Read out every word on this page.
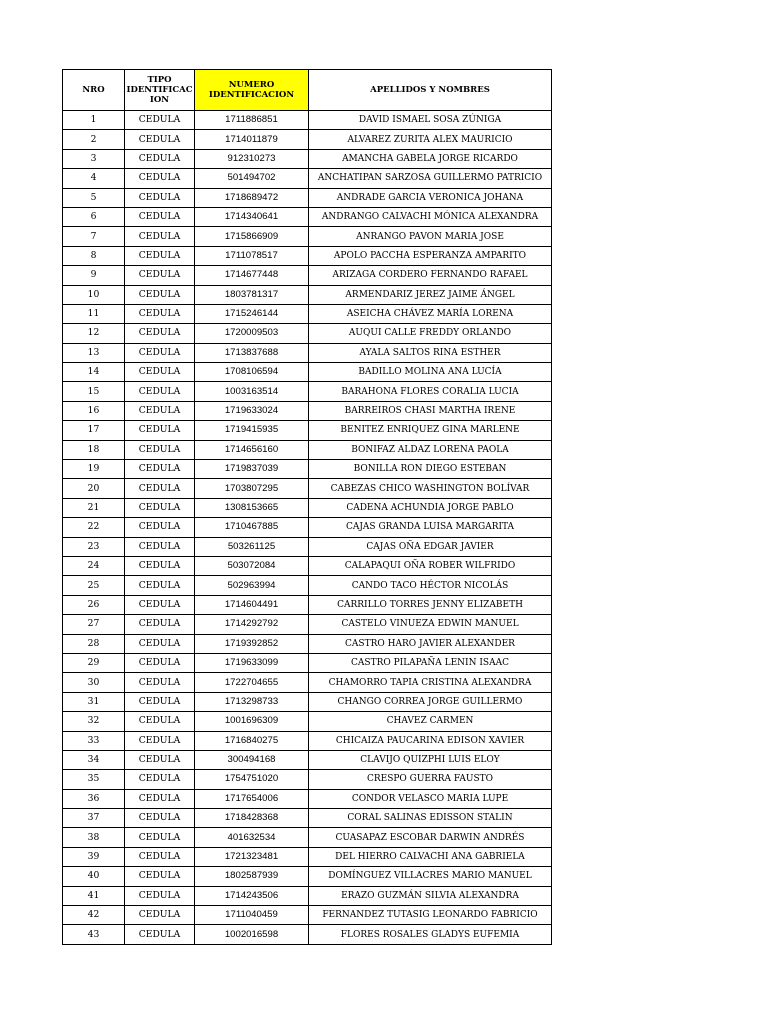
NRO	TIPO IDENTIFICAC ION	NUMERO IDENTIFICACION	APELLIDOS Y NOMBRES
1	CEDULA	1711886851	DAVID ISMAEL SOSA ZÚNIGA
2	CEDULA	1714011879	ALVAREZ ZURITA ALEX MAURICIO
3	CEDULA	912310273	AMANCHA GABELA JORGE RICARDO
4	CEDULA	501494702	ANCHATIPAN SARZOSA GUILLERMO PATRICIO
5	CEDULA	1718689472	ANDRADE GARCIA VERONICA JOHANA
6	CEDULA	1714340641	ANDRANGO CALVACHI MÓNICA ALEXANDRA
7	CEDULA	1715866909	ANRANGO PAVON MARIA JOSE
8	CEDULA	1711078517	APOLO PACCHA ESPERANZA AMPARITO
9	CEDULA	1714677448	ARIZAGA CORDERO FERNANDO RAFAEL
10	CEDULA	1803781317	ARMENDARIZ JEREZ JAIME ÁNGEL
11	CEDULA	1715246144	ASEICHA CHÁVEZ MARÍA LORENA
12	CEDULA	1720009503	AUQUI CALLE FREDDY ORLANDO
13	CEDULA	1713837688	AYALA SALTOS RINA ESTHER
14	CEDULA	1708106594	BADILLO MOLINA ANA LUCÍA
15	CEDULA	1003163514	BARAHONA FLORES CORALIA LUCIA
16	CEDULA	1719633024	BARREIROS CHASI MARTHA IRENE
17	CEDULA	1719415935	BENITEZ ENRIQUEZ GINA MARLENE
18	CEDULA	1714656160	BONIFAZ ALDAZ LORENA PAOLA
19	CEDULA	1719837039	BONILLA RON DIEGO ESTEBAN
20	CEDULA	1703807295	CABEZAS CHICO WASHINGTON BOLÍVAR
21	CEDULA	1308153665	CADENA ACHUNDIA JORGE PABLO
22	CEDULA	1710467885	CAJAS GRANDA LUISA MARGARITA
23	CEDULA	503261125	CAJAS OÑA EDGAR JAVIER
24	CEDULA	503072084	CALAPAQUI OÑA ROBER WILFRIDO
25	CEDULA	502963994	CANDO TACO HÉCTOR NICOLÁS
26	CEDULA	1714604491	CARRILLO TORRES JENNY ELIZABETH
27	CEDULA	1714292792	CASTELO VINUEZA EDWIN MANUEL
28	CEDULA	1719392852	CASTRO HARO JAVIER ALEXANDER
29	CEDULA	1719633099	CASTRO PILAPAÑA LENIN ISAAC
30	CEDULA	1722704655	CHAMORRO TAPIA CRISTINA ALEXANDRA
31	CEDULA	1713298733	CHANGO CORREA JORGE GUILLERMO
32	CEDULA	1001696309	CHAVEZ CARMEN
33	CEDULA	1716840275	CHICAIZA PAUCARINA EDISON XAVIER
34	CEDULA	300494168	CLAVIJO QUIZPHI LUIS ELOY
35	CEDULA	1754751020	CRESPO GUERRA FAUSTO
36	CEDULA	1717654006	CONDOR VELASCO MARIA LUPE
37	CEDULA	1718428368	CORAL SALINAS EDISSON STALIN
38	CEDULA	401632534	CUASAPAZ ESCOBAR DARWIN ANDRÉS
39	CEDULA	1721323481	DEL HIERRO CALVACHI ANA GABRIELA
40	CEDULA	1802587939	DOMÍNGUEZ VILLACRES MARIO MANUEL
41	CEDULA	1714243506	ERAZO GUZMÁN SILVIA ALEXANDRA
42	CEDULA	1711040459	FERNANDEZ TUTASIG LEONARDO FABRICIO
43	CEDULA	1002016598	FLORES ROSALES GLADYS EUFEMIA
